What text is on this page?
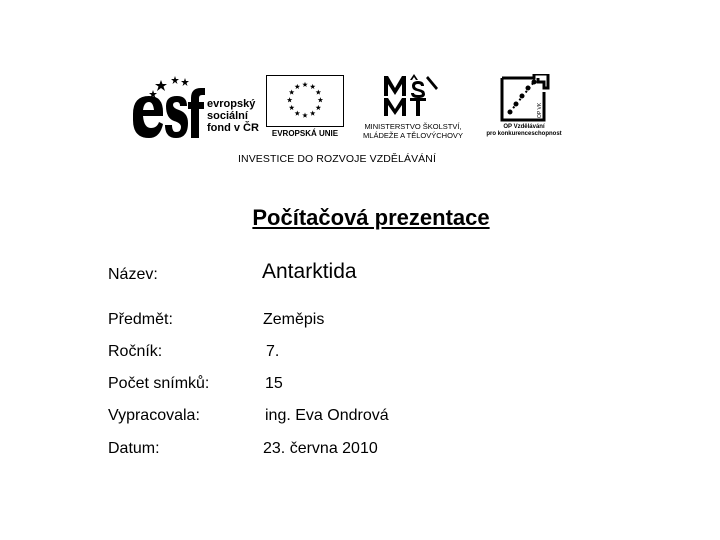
evropský
sociální
fond v ČR	EVROPSKÁ UNIE
MINISTERSTVO ŠKOLSTVÍ,
MLÁDEŽE A TĚLOVÝCHOVY
OP VK
OP Vzdělávání
pro konkurenceschopnost
INVESTICE DO ROZVOJE VZDĚLÁVÁNÍ
Počítačová prezentace
Název:	Antarktida
Předmět:	Zeměpis
Ročník:	7.
Počet snímků:	15
Vypracovala:	ing. Eva Ondrová
Datum:	23. června 2010
